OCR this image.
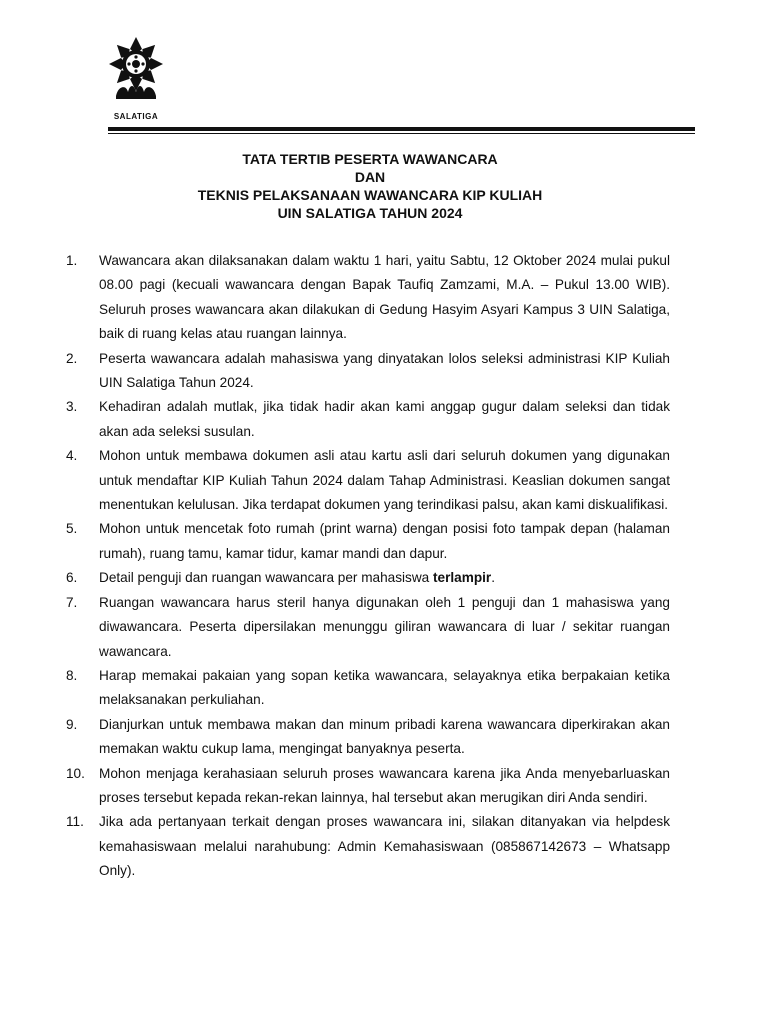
SALATIGA
TATA TERTIB PESERTA WAWANCARA
DAN
TEKNIS PELAKSANAAN WAWANCARA KIP KULIAH
UIN SALATIGA TAHUN 2024
1. Wawancara akan dilaksanakan dalam waktu 1 hari, yaitu Sabtu, 12 Oktober 2024 mulai pukul 08.00 pagi (kecuali wawancara dengan Bapak Taufiq Zamzami, M.A. – Pukul 13.00 WIB). Seluruh proses wawancara akan dilakukan di Gedung Hasyim Asyari Kampus 3 UIN Salatiga, baik di ruang kelas atau ruangan lainnya.
2. Peserta wawancara adalah mahasiswa yang dinyatakan lolos seleksi administrasi KIP Kuliah UIN Salatiga Tahun 2024.
3. Kehadiran adalah mutlak, jika tidak hadir akan kami anggap gugur dalam seleksi dan tidak akan ada seleksi susulan.
4. Mohon untuk membawa dokumen asli atau kartu asli dari seluruh dokumen yang digunakan untuk mendaftar KIP Kuliah Tahun 2024 dalam Tahap Administrasi. Keaslian dokumen sangat menentukan kelulusan. Jika terdapat dokumen yang terindikasi palsu, akan kami diskualifikasi.
5. Mohon untuk mencetak foto rumah (print warna) dengan posisi foto tampak depan (halaman rumah), ruang tamu, kamar tidur, kamar mandi dan dapur.
6. Detail penguji dan ruangan wawancara per mahasiswa terlampir.
7. Ruangan wawancara harus steril hanya digunakan oleh 1 penguji dan 1 mahasiswa yang diwawancara. Peserta dipersilakan menunggu giliran wawancara di luar / sekitar ruangan wawancara.
8. Harap memakai pakaian yang sopan ketika wawancara, selayaknya etika berpakaian ketika melaksanakan perkuliahan.
9. Dianjurkan untuk membawa makan dan minum pribadi karena wawancara diperkirakan akan memakan waktu cukup lama, mengingat banyaknya peserta.
10. Mohon menjaga kerahasiaan seluruh proses wawancara karena jika Anda menyebarluaskan proses tersebut kepada rekan-rekan lainnya, hal tersebut akan merugikan diri Anda sendiri.
11. Jika ada pertanyaan terkait dengan proses wawancara ini, silakan ditanyakan via helpdesk kemahasiswaan melalui narahubung: Admin Kemahasiswaan (085867142673 – Whatsapp Only).
